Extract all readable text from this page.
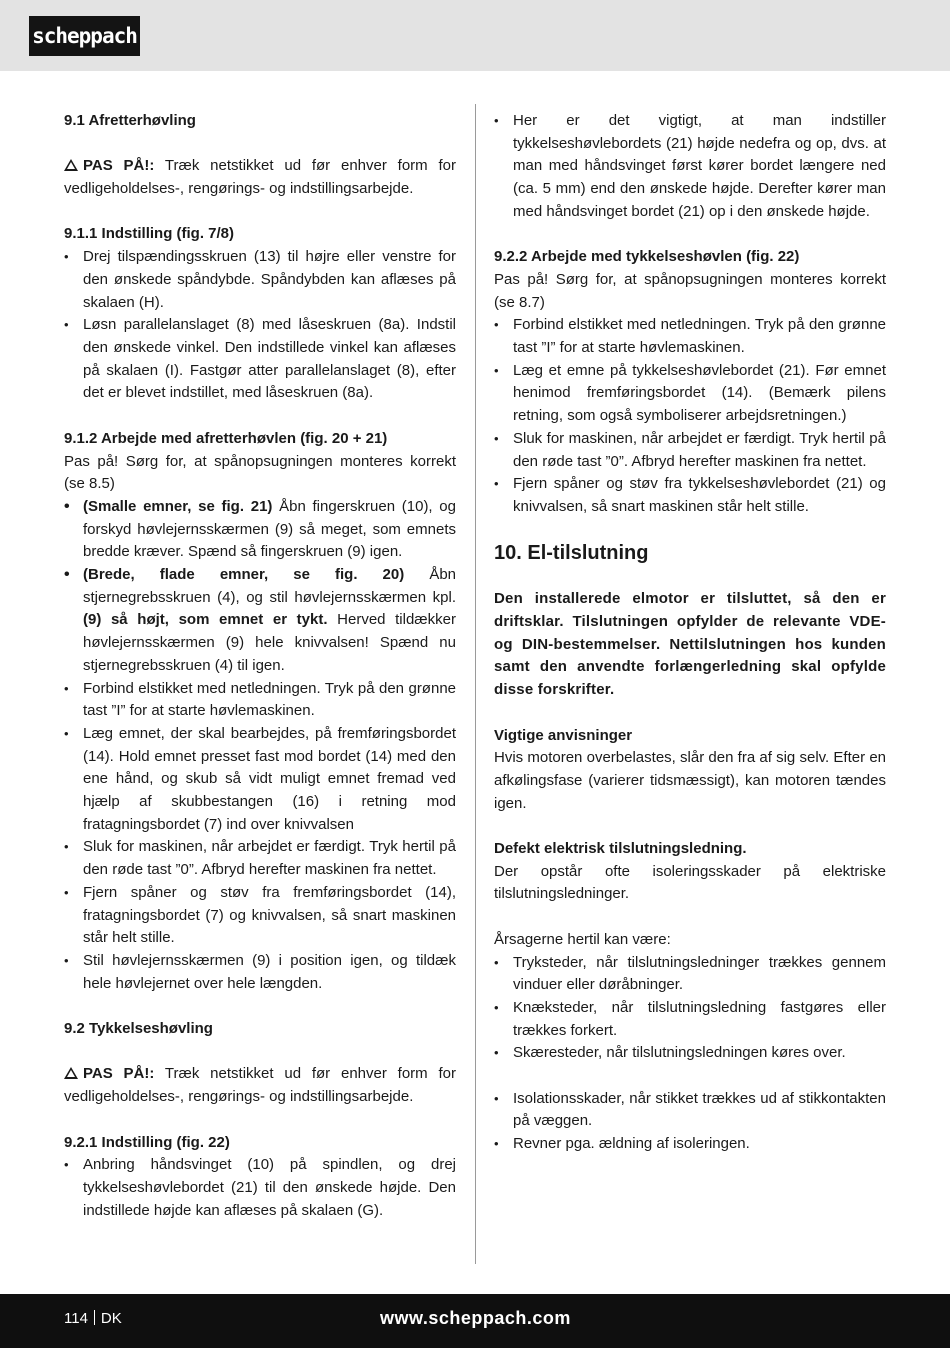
scheppach

9.1 Afretterhøvling

PAS PÅ!: Træk netstikket ud før enhver form for vedligeholdelses-, rengørings- og indstillingsarbejde.

9.1.1 Indstilling (fig. 7/8)

• Drej tilspændingsskruen (13) til højre eller venstre for den ønskede spåndybde. Spåndybden kan aflæses på skalaen (H).
• Løsn parallelanslaget (8) med låseskruen (8a). Indstil den ønskede vinkel. Den indstillede vinkel kan aflæses på skalaen (I). Fastgør atter parallelanslaget (8), efter det er blevet indstillet, med låseskruen (8a).

9.1.2 Arbejde med afretterhøvlen (fig. 20 + 21)

Pas på! Sørg for, at spånopsugningen monteres korrekt (se 8.5)

• (Smalle emner, se fig. 21) Åbn fingerskruen (10), og forskyd høvlejernsskærmen (9) så meget, som emnets bredde kræver. Spænd så fingerskruen (9) igen.
• (Brede, flade emner, se fig. 20) Åbn stjernegrebsskruen (4), og stil høvlejernsskærmen kpl. (9) så højt, som emnet er tykt. Herved tildækker høvlejernsskærmen (9) hele knivvalsen! Spænd nu stjernegrebsskruen (4) til igen.
• Forbind elstikket med netledningen. Tryk på den grønne tast ”I” for at starte høvlemaskinen.
• Læg emnet, der skal bearbejdes, på fremføringsbordet (14). Hold emnet presset fast mod bordet (14) med den ene hånd, og skub så vidt muligt emnet fremad ved hjælp af skubbestangen (16) i retning mod fratagningsbordet (7) ind over knivvalsen
• Sluk for maskinen, når arbejdet er færdigt. Tryk hertil på den røde tast ”0”. Afbryd herefter maskinen fra nettet.
• Fjern spåner og støv fra fremføringsbordet (14), fratagningsbordet (7) og knivvalsen, så snart maskinen står helt stille.
• Stil høvlejernsskærmen (9) i position igen, og tildæk hele høvlejernet over hele længden.

9.2 Tykkelseshøvling

PAS PÅ!: Træk netstikket ud før enhver form for vedligeholdelses-, rengørings- og indstillingsarbejde.

9.2.1 Indstilling (fig. 22)

• Anbring håndsvinget (10) på spindlen, og drej tykkelseshøvlebordet (21) til den ønskede højde. Den indstillede højde kan aflæses på skalaen (G).
• Her er det vigtigt, at man indstiller tykkelseshøvlebordets (21) højde nedefra og op, dvs. at man med håndsvinget først kører bordet længere ned (ca. 5 mm) end den ønskede højde. Derefter kører man med håndsvinget bordet (21) op i den ønskede højde.

9.2.2 Arbejde med tykkelseshøvlen (fig. 22)

Pas på! Sørg for, at spånopsugningen monteres korrekt (se 8.7)

• Forbind elstikket med netledningen. Tryk på den grønne tast ”I” for at starte høvlemaskinen.
• Læg et emne på tykkelseshøvlebordet (21). Før emnet henimod fremføringsbordet (14). (Bemærk pilens retning, som også symboliserer arbejdsretningen.)
• Sluk for maskinen, når arbejdet er færdigt. Tryk hertil på den røde tast ”0”. Afbryd herefter maskinen fra nettet.
• Fjern spåner og støv fra tykkelseshøvlebordet (21) og knivvalsen, så snart maskinen står helt stille.

10. El-tilslutning

Den installerede elmotor er tilsluttet, så den er driftsklar. Tilslutningen opfylder de relevante VDE- og DIN-bestemmelser. Nettilslutningen hos kunden samt den anvendte forlængerledning skal opfylde disse forskrifter.

Vigtige anvisninger

Hvis motoren overbelastes, slår den fra af sig selv. Efter en afkølingsfase (varierer tidsmæssigt), kan motoren tændes igen.

Defekt elektrisk tilslutningsledning.

Der opstår ofte isoleringsskader på elektriske tilslutningsledninger.

Årsagerne hertil kan være:

• Tryksteder, når tilslutningsledninger trækkes gennem vinduer eller døråbninger.
• Knæksteder, når tilslutningsledning fastgøres eller trækkes forkert.
• Skæresteder, når tilslutningsledningen køres over.
• Isolationsskader, når stikket trækkes ud af stikkontakten på væggen.
• Revner pga. ældning af isoleringen.
114 DK	www.scheppach.com
